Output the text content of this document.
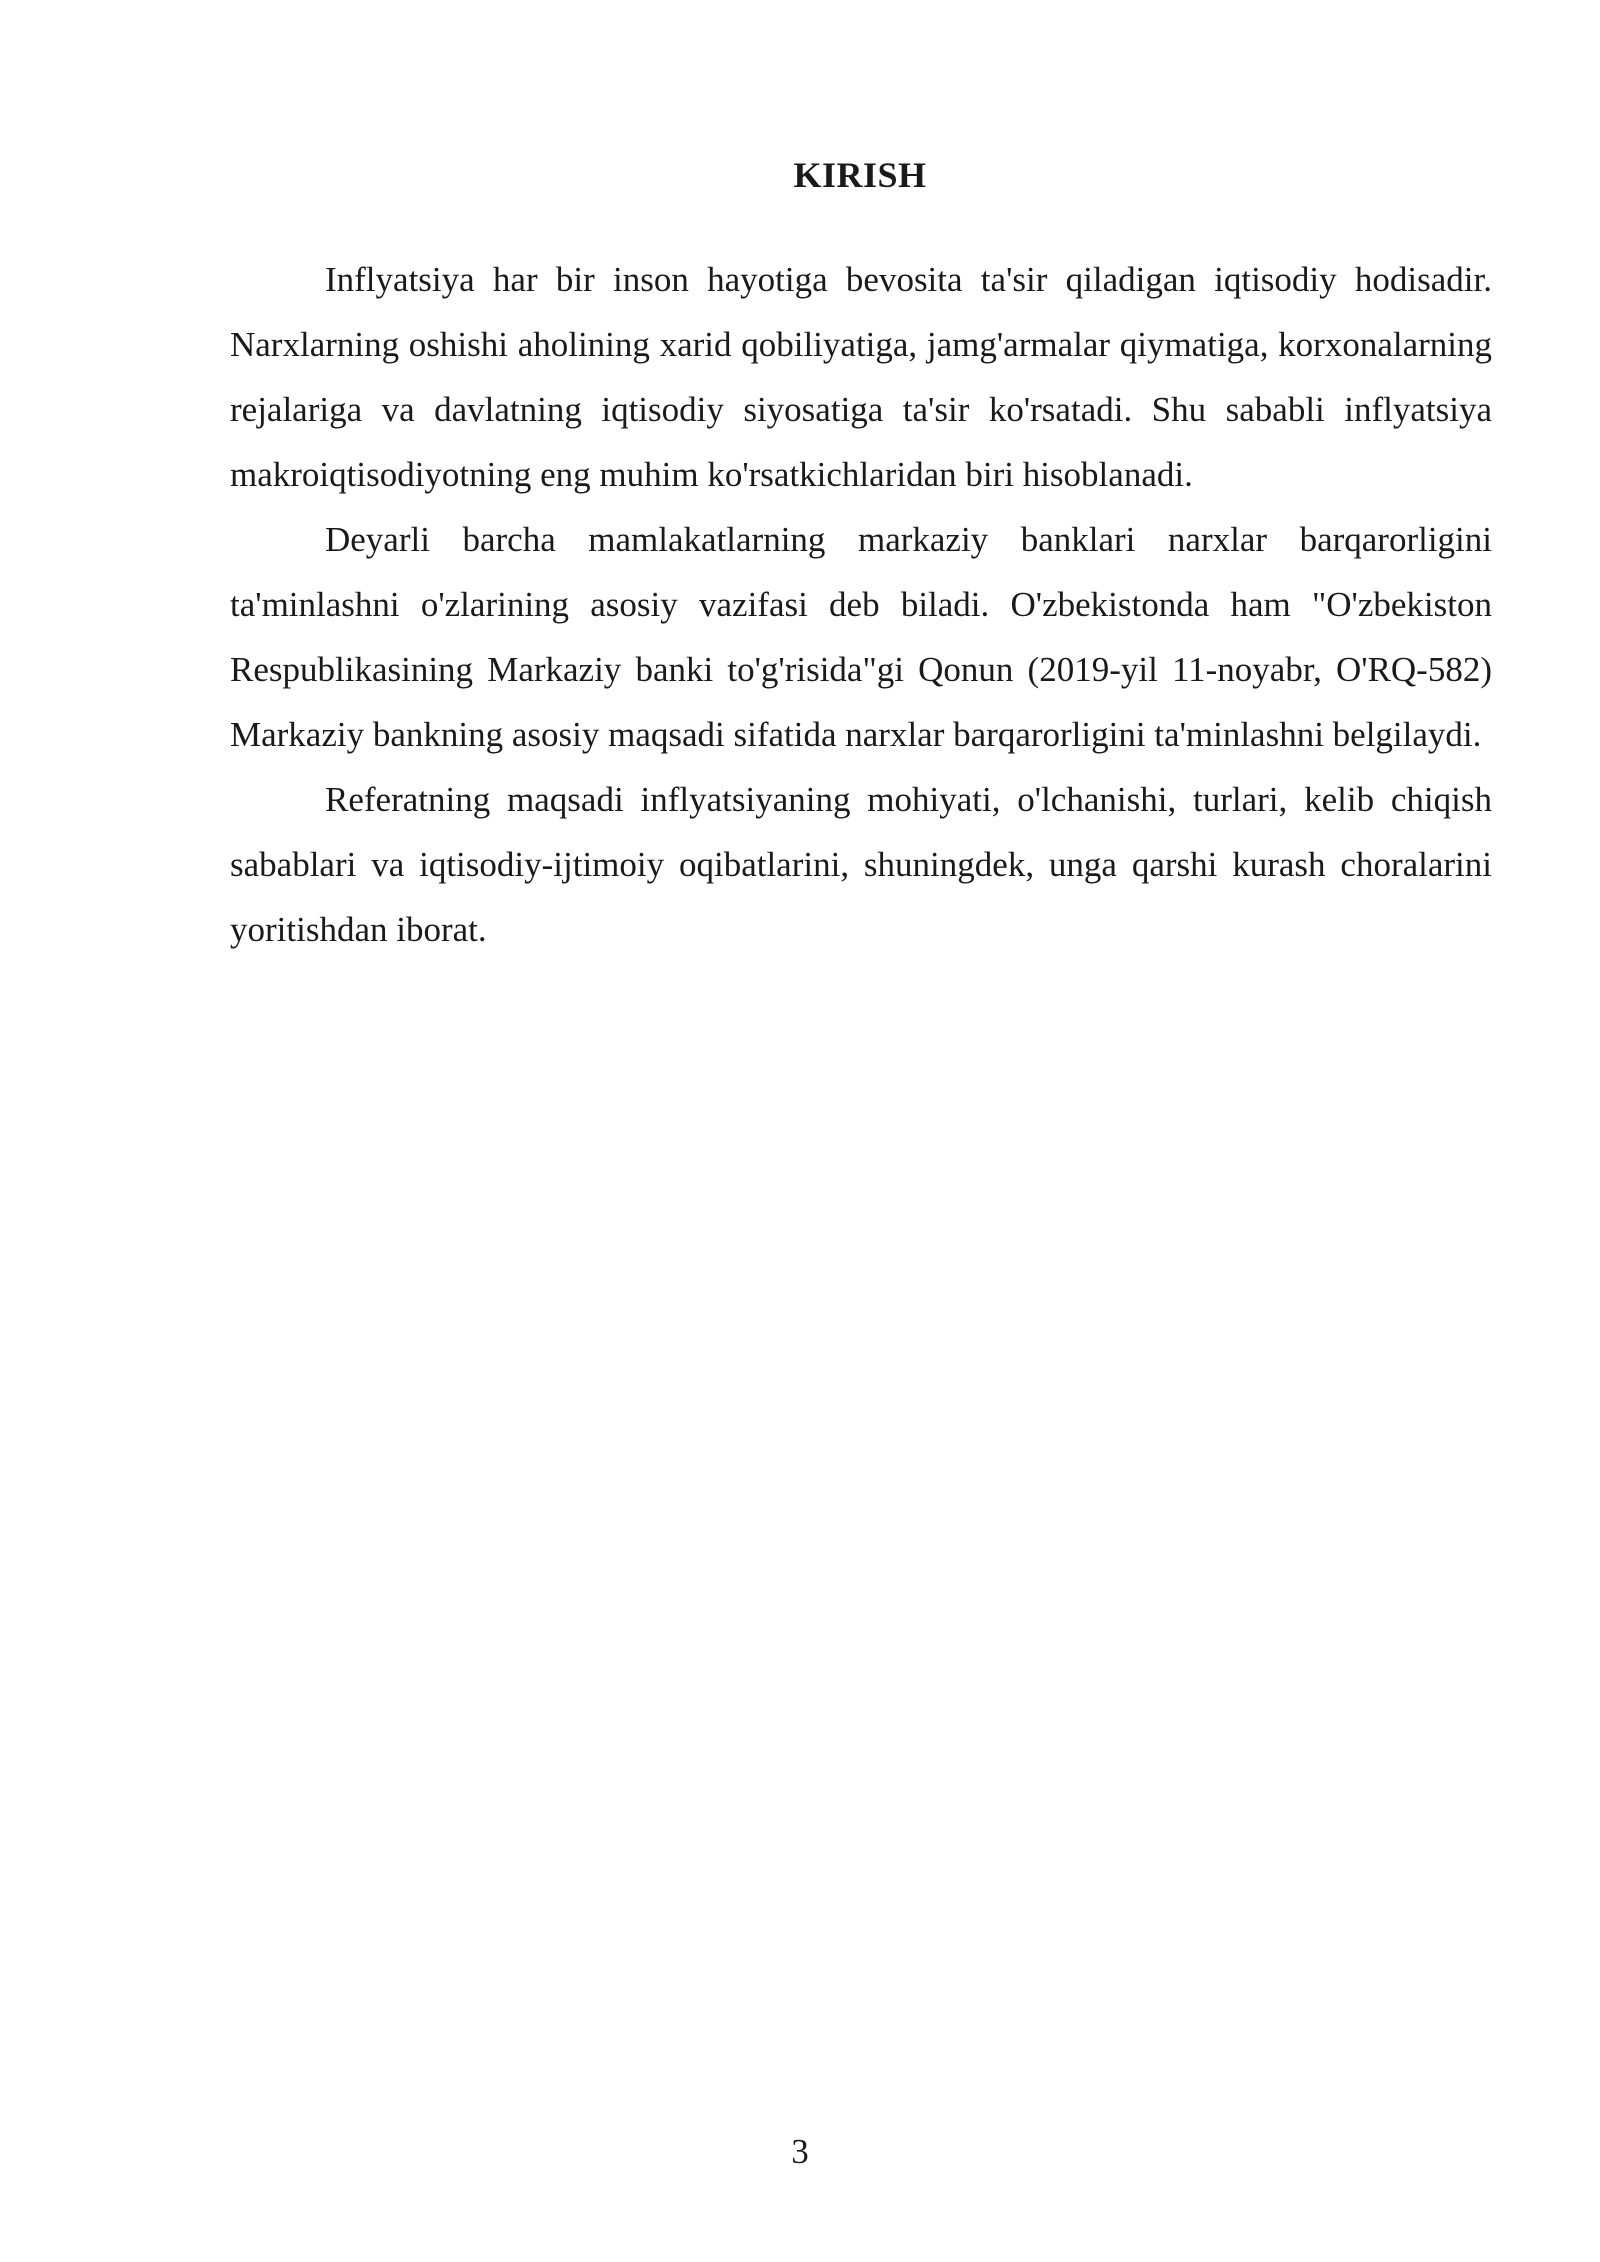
KIRISH

Inflyatsiya har bir inson hayotiga bevosita ta'sir qiladigan iqtisodiy hodisadir. Narxlarning oshishi aholining xarid qobiliyatiga, jamg'armalar qiymatiga, korxonalarning rejalariga va davlatning iqtisodiy siyosatiga ta'sir ko'rsatadi. Shu sababli inflyatsiya makroiqtisodiyotning eng muhim ko'rsatkichlaridan biri hisoblanadi.

Deyarli barcha mamlakatlarning markaziy banklari narxlar barqarorligini ta'minlashni o'zlarining asosiy vazifasi deb biladi. O'zbekistonda ham "O'zbekiston Respublikasining Markaziy banki to'g'risida"gi Qonun (2019-yil 11-noyabr, O'RQ-582) Markaziy bankning asosiy maqsadi sifatida narxlar barqarorligini ta'minlashni belgilaydi.

Referatning maqsadi inflyatsiyaning mohiyati, o'lchanishi, turlari, kelib chiqish sabablari va iqtisodiy-ijtimoiy oqibatlarini, shuningdek, unga qarshi kurash choralarini yoritishdan iborat.

3
